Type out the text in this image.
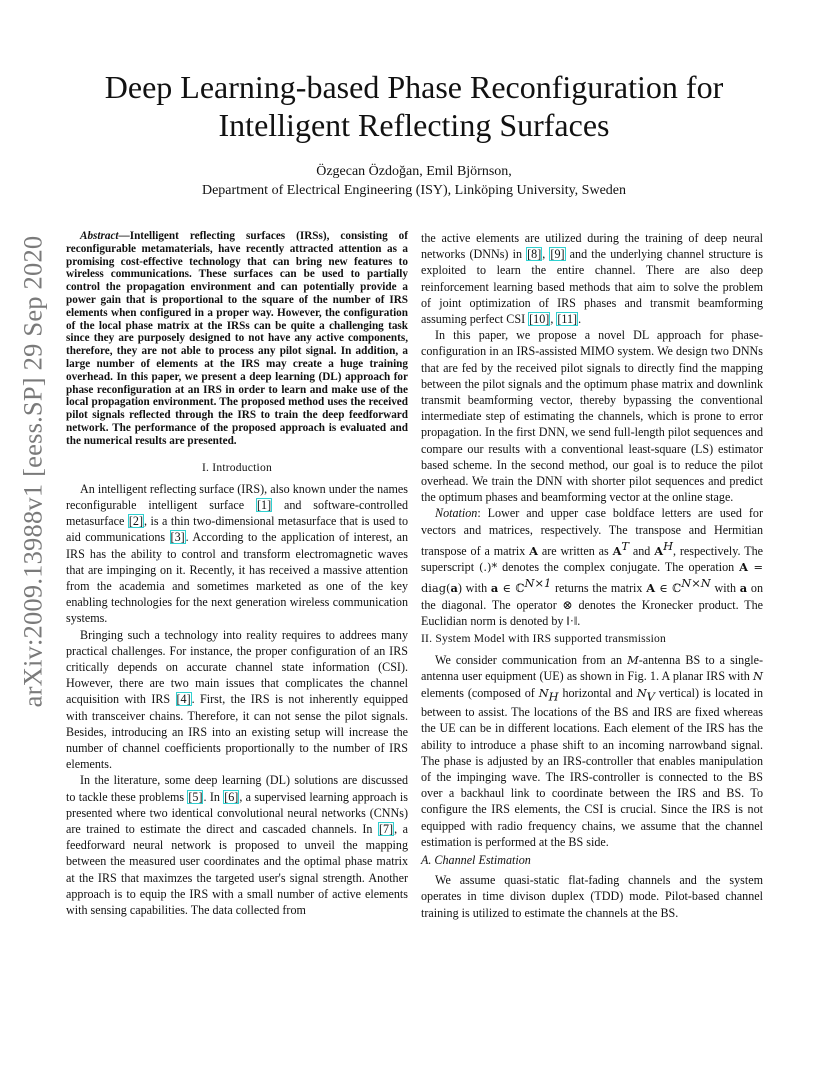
arXiv:2009.13988v1 [eess.SP] 29 Sep 2020
Deep Learning-based Phase Reconfiguration for
Intelligent Reflecting Surfaces
Özgecan Özdoğan, Emil Björnson,
Department of Electrical Engineering (ISY), Linköping University, Sweden

Abstract—Intelligent reflecting surfaces (IRSs), consisting of reconfigurable metamaterials, have recently attracted attention as a promising cost-effective technology that can bring new features to wireless communications. These surfaces can be used to partially control the propagation environment and can potentially provide a power gain that is proportional to the square of the number of IRS elements when configured in a proper way. However, the configuration of the local phase matrix at the IRSs can be quite a challenging task since they are purposely designed to not have any active components, therefore, they are not able to process any pilot signal. In addition, a large number of elements at the IRS may create a huge training overhead. In this paper, we present a deep learning (DL) approach for phase reconfiguration at an IRS in order to learn and make use of the local propagation environment. The proposed method uses the received pilot signals reflected through the IRS to train the deep feedforward network. The performance of the proposed approach is evaluated and the numerical results are presented.

I. Introduction

An intelligent reflecting surface (IRS), also known under the names reconfigurable intelligent surface [1] and software-controlled metasurface [2], is a thin two-dimensional metasurface that is used to aid communications [3]. According to the application of interest, an IRS has the ability to control and transform electromagnetic waves that are impinging on it. Recently, it has received a massive attention from the academia and sometimes marketed as one of the key enabling technologies for the next generation wireless communication systems.

Bringing such a technology into reality requires to addrees many practical challenges. For instance, the proper configuration of an IRS critically depends on accurate channel state information (CSI). However, there are two main issues that complicates the channel acquisition with IRS [4]. First, the IRS is not inherently equipped with transceiver chains. Therefore, it can not sense the pilot signals. Besides, introducing an IRS into an existing setup will increase the number of channel coefficients proportionally to the number of IRS elements.

In the literature, some deep learning (DL) solutions are discussed to tackle these problems [5]. In [6], a supervised learning approach is presented where two identical convolutional neural networks (CNNs) are trained to estimate the direct and cascaded channels. In [7], a feedforward neural network is proposed to unveil the mapping between the measured user coordinates and the optimal phase matrix at the IRS that maximzes the targeted user's signal strength. Another approach is to equip the IRS with a small number of active elements with sensing capabilities. The data collected from

the active elements are utilized during the training of deep neural networks (DNNs) in [8], [9] and the underlying channel structure is exploited to learn the entire channel. There are also deep reinforcement learning based methods that aim to solve the problem of joint optimization of IRS phases and transmit beamforming assuming perfect CSI [10], [11].

In this paper, we propose a novel DL approach for phase-configuration in an IRS-assisted MIMO system. We design two DNNs that are fed by the received pilot signals to directly find the mapping between the pilot signals and the optimum phase matrix and downlink transmit beamforming vector, thereby bypassing the conventional intermediate step of estimating the channels, which is prone to error propagation. In the first DNN, we send full-length pilot sequences and compare our results with a conventional least-square (LS) estimator based scheme. In the second method, our goal is to reduce the pilot overhead. We train the DNN with shorter pilot sequences and predict the optimum phases and beamforming vector at the online stage.

Notation: Lower and upper case boldface letters are used for vectors and matrices, respectively. The transpose and Hermitian transpose of a matrix A are written as $A^T$ and $A^H$, respectively. The superscript (.)* denotes the complex conjugate. The operation A = diag(a) with a ∈ ℂ$^{N\times 1}$ returns the matrix A ∈ ℂ$^{N\times N}$ with a on the diagonal. The operator ⊗ denotes the Kronecker product. The Euclidian norm is denoted by ‖·‖.

II. System Model with IRS supported transmission

We consider communication from an M-antenna BS to a single-antenna user equipment (UE) as shown in Fig. 1. A planar IRS with N elements (composed of $N_H$ horizontal and $N_V$ vertical) is located in between to assist. The locations of the BS and IRS are fixed whereas the UE can be in different locations. Each element of the IRS has the ability to introduce a phase shift to an incoming narrowband signal. The phase is adjusted by an IRS-controller that enables manipulation of the impinging wave. The IRS-controller is connected to the BS over a backhaul link to coordinate between the IRS and BS. To configure the IRS elements, the CSI is crucial. Since the IRS is not equipped with radio frequency chains, we assume that the channel estimation is performed at the BS side.

A. Channel Estimation

We assume quasi-static flat-fading channels and the system operates in time divison duplex (TDD) mode. Pilot-based channel training is utilized to estimate the channels at the BS.
